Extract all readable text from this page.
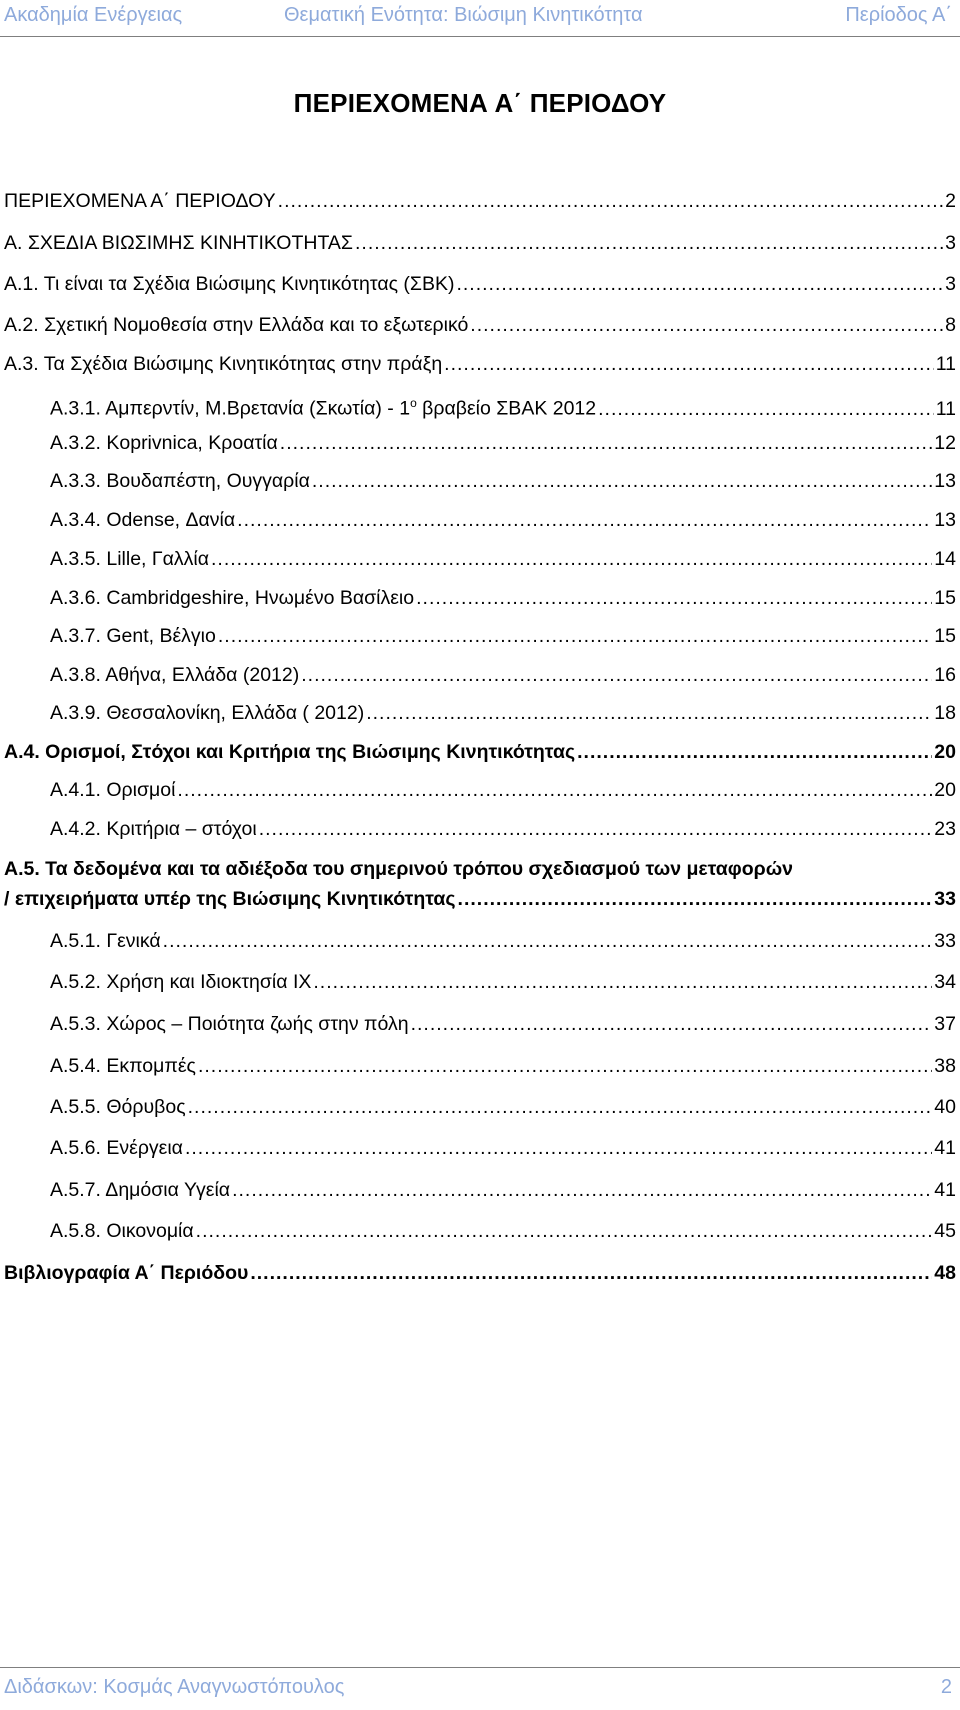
Ακαδημία Ενέργειας	Θεματική Ενότητα: Βιώσιμη Κινητικότητα	Περίοδος Α΄
ΠΕΡΙΕΧΟΜΕΝΑ Α΄ ΠΕΡΙΟΔΟΥ
ΠΕΡΙΕΧΟΜΕΝΑ Α΄ ΠΕΡΙΟΔΟΥ .....	2
Α. ΣΧΕΔΙΑ ΒΙΩΣΙΜΗΣ ΚΙΝΗΤΙΚΟΤΗΤΑΣ .....	3
Α.1. Τι είναι τα Σχέδια Βιώσιμης Κινητικότητας (ΣΒΚ) .....	3
Α.2. Σχετική Νομοθεσία στην Ελλάδα και το εξωτερικό .....	8
Α.3. Τα Σχέδια Βιώσιμης Κινητικότητας στην πράξη .....	11
Α.3.1. Αμπερντίν, Μ.Βρετανία $(\Sigma\kappa\omega\tau ί\alpha) - 1^o$ βραβείο ΣΒΑΚ 2012 .....	11
Α.3.2. Koprivnica, Κροατία .....	12
Α.3.3. Βουδαπέστη, Ουγγαρία .....	13
Α.3.4. Odense, Δανία .....	13
Α.3.5. Lille, Γαλλία .....	14
Α.3.6. Cambridgeshire, Ηνωμένο Βασίλειο .....	15
Α.3.7. Gent, Βέλγιο .....	15
Α.3.8. Αθήνα, Ελλάδα (2012) .....	16
Α.3.9. Θεσσαλονίκη, Ελλάδα ( 2012) .....	18
Α.4. Ορισμοί, Στόχοι και Κριτήρια της Βιώσιμης Κινητικότητας .....	20
Α.4.1. Ορισμοί .....	20
Α.4.2. Κριτήρια – στόχοι .....	23
Α.5. Τα δεδομένα και τα αδιέξοδα του σημερινού τρόπου σχεδιασμού των μεταφορών
/ επιχειρήματα υπέρ της Βιώσιμης Κινητικότητας .....	33
Α.5.1. Γενικά .....	33
Α.5.2. Χρήση και Ιδιοκτησία ΙΧ .....	34
Α.5.3. Χώρος – Ποιότητα ζωής στην πόλη .....	37
Α.5.4. Εκπομπές .....	38
Α.5.5. Θόρυβος .....	40
Α.5.6. Ενέργεια .....	41
Α.5.7. Δημόσια Υγεία .....	41
Α.5.8. Οικονομία .....	45
Βιβλιογραφία Α΄ Περιόδου .....	48
Διδάσκων: Κοσμάς Αναγνωστόπουλος	2
